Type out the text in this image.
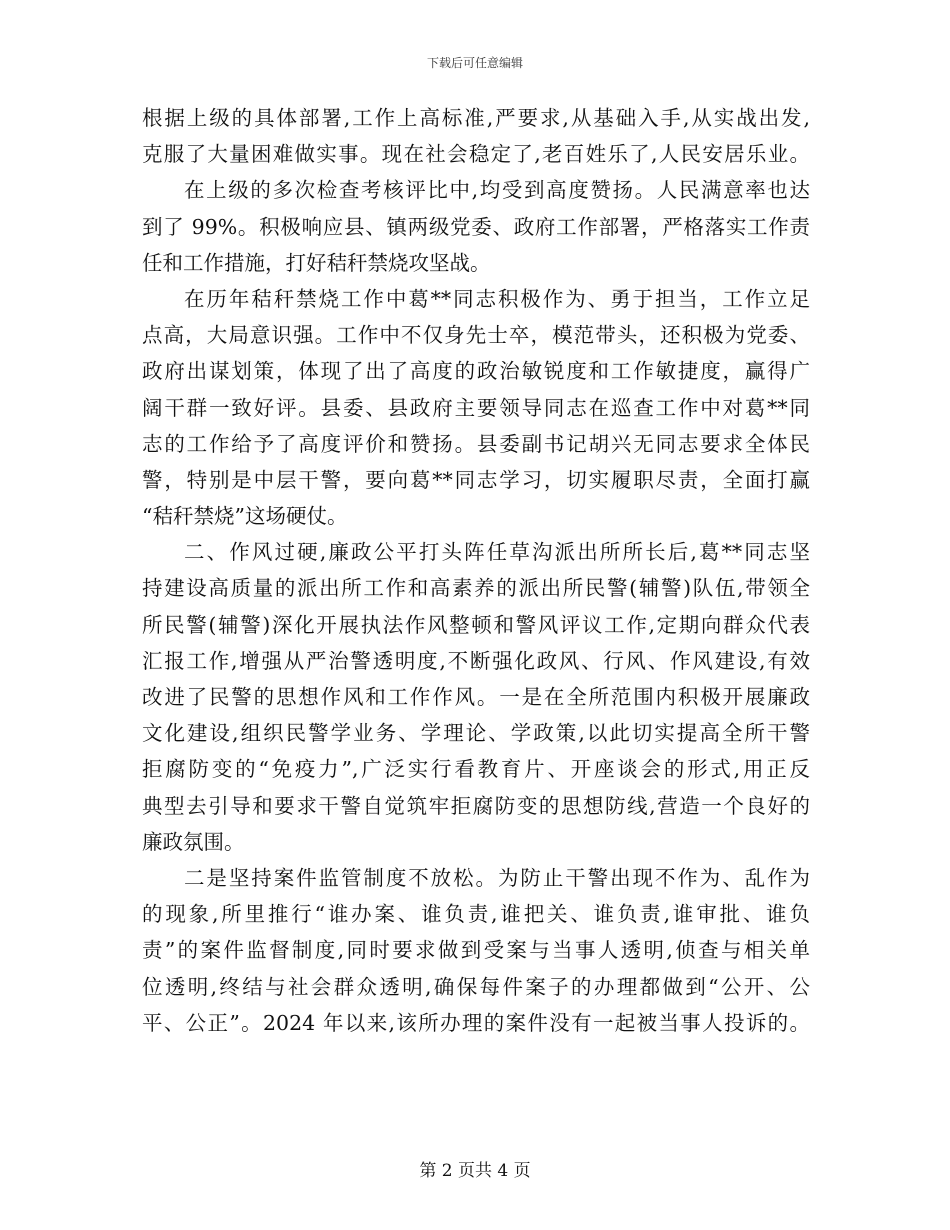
下载后可任意编辑
根据上级的具体部署,工作上高标准,严要求,从基础入手,从实战出发,
克服了大量困难做实事。现在社会稳定了,老百姓乐了,人民安居乐业。
在上级的多次检查考核评比中,均受到高度赞扬。人民满意率也达
到了 99%。积极响应县、镇两级党委、政府工作部署，严格落实工作责
任和工作措施，打好秸秆禁烧攻坚战。
在历年秸秆禁烧工作中葛**同志积极作为、勇于担当，工作立足
点高，大局意识强。工作中不仅身先士卒，模范带头，还积极为党委、
政府出谋划策，体现了出了高度的政治敏锐度和工作敏捷度，赢得广
阔干群一致好评。县委、县政府主要领导同志在巡查工作中对葛**同
志的工作给予了高度评价和赞扬。县委副书记胡兴无同志要求全体民
警，特别是中层干警，要向葛**同志学习，切实履职尽责，全面打赢
“秸秆禁烧”这场硬仗。
二、作风过硬,廉政公平打头阵任草沟派出所所长后,葛**同志坚
持建设高质量的派出所工作和高素养的派出所民警(辅警)队伍,带领全
所民警(辅警)深化开展执法作风整顿和警风评议工作,定期向群众代表
汇报工作,增强从严治警透明度,不断强化政风、行风、作风建设,有效
改进了民警的思想作风和工作作风。一是在全所范围内积极开展廉政
文化建设,组织民警学业务、学理论、学政策,以此切实提高全所干警
拒腐防变的“免疫力”,广泛实行看教育片、开座谈会的形式,用正反
典型去引导和要求干警自觉筑牢拒腐防变的思想防线,营造一个良好的
廉政氛围。
二是坚持案件监管制度不放松。为防止干警出现不作为、乱作为
的现象,所里推行“谁办案、谁负责,谁把关、谁负责,谁审批、谁负
责”的案件监督制度,同时要求做到受案与当事人透明,侦查与相关单
位透明,终结与社会群众透明,确保每件案子的办理都做到“公开、公
平、公正”。2024 年以来,该所办理的案件没有一起被当事人投诉的。
第 2 页共 4 页
